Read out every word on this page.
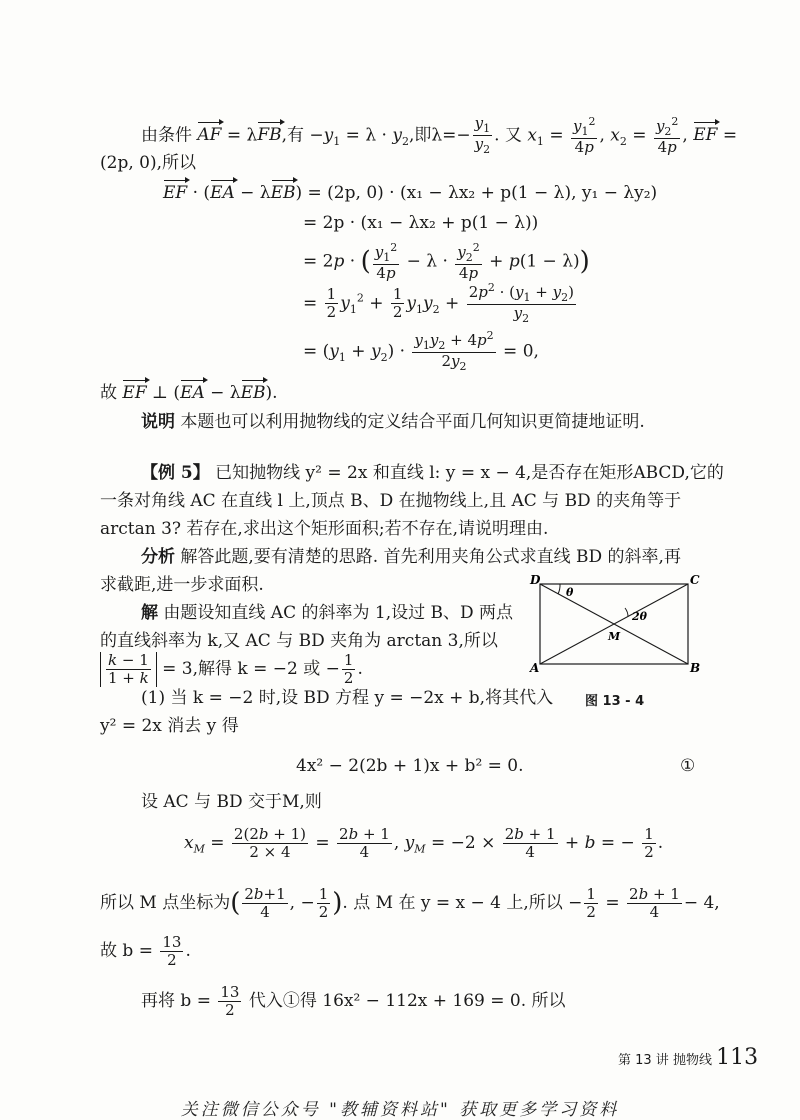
由条件 AF = λFB,有 $-y_1 = \lambda \cdot y_2$,即$\lambda=- \frac{y_1}{y_2}$ . 又 $x_1 = \frac{y_1^2}{4p}$ , $x_2 = \frac{y_2^2}{4p}$ , EF =
(2p, 0),所以
EF · (EA − λEB) = (2p, 0) · (x₁ − λx₂ + p(1 − λ), y₁ − λy₂)
= 2p · (x₁ − λx₂ + p(1 − λ))
= 2p · ( $\frac{y_1^2}{4p} - \lambda \cdot \frac{y_2^2}{4p} + p(1 - \lambda)$)
= $\frac{1}{2} y_1^2 + \frac{1}{2} y_1y_2 + \frac{2p^2 \cdot (y_1 + y_2)}{y_2}$
= $(y_1 + y_2) \cdot \frac{y_1y_2 + 4p^2}{2y_2} = 0$,
故 EF ⊥ (EA − λEB).
说明 本题也可以利用抛物线的定义结合平面几何知识更简捷地证明.
【例 5】 已知抛物线 y² = 2x 和直线 l: y = x − 4,是否存在矩形ABCD,它的
一条对角线 AC 在直线 l 上,顶点 B、D 在抛物线上,且 AC 与 BD 的夹角等于
arctan 3? 若存在,求出这个矩形面积;若不存在,请说明理由.
分析 解答此题,要有清楚的思路. 首先利用夹角公式求直线 BD 的斜率,再
求截距,进一步求面积.
解 由题设知直线 AC 的斜率为 1,设过 B、D 两点
的直线斜率为 k,又 AC 与 BD 夹角为 arctan 3,所以
$\frac{k - 1}{1 + k} = 3$,解得 k = −2 或 − $\frac{1}{2}$ .
D	C
A	B
M
θ
2θ
图 13 - 4
(1) 当 k = −2 时,设 BD 方程 y = −2x + b,将其代入
y² = 2x 消去 y 得
4x² − 2(2b + 1)x + b² = 0.	①
设 AC 与 BD 交于M,则
$x_M = \frac{2(2b + 1)}{2 \times 4} = \frac{2b + 1}{4}$ , $y_M = -2 \times \frac{2b + 1}{4} + b$ = − $\frac{1}{2}$ .
所以 M 点坐标为( $\frac{2b+1}{4}$ , − $\frac{1}{2}$ ). 点 M 在 y = x − 4 上,所以 − $\frac{1}{2} = \frac{2b + 1}{4} - 4$,
故 $b = \frac{13}{2}$ .
再将 $b = \frac{13}{2}$ 代入①得 16x² − 112x + 169 = 0. 所以
第 13 讲 抛物线 113
关注微信公众号 "教辅资料站" 获取更多学习资料
